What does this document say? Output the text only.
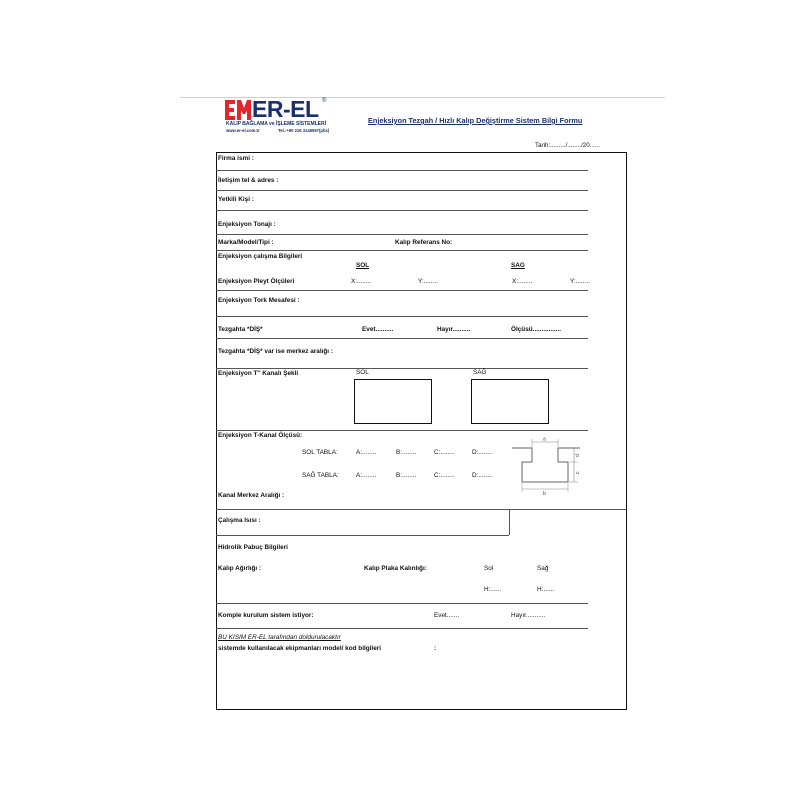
ER-EL ®
KALIP BAĞLAMA ve İŞLEME SİSTEMLERİ
www.er-el.com.tr	Tel.:+90 216 3146597(pbx)
Enjeksiyon Tezgah / Hızlı Kalıp Değiştirme Sistem Bilgi Formu
Tarih:........./......../20......
Firma ismi :
İletişim tel & adres :
Yetkili Kişi :
Enjeksiyon Tonajı :
Marka/Model/Tipi :	Kalıp Referans No:
Enjeksiyon çalışma Bilgileri
SOL	SAG
Enjeksiyon Pleyt Ölçüleri	X:........	Y:........	X:........	Y:........
Enjeksiyon Tork Mesafesi :
Tezgahta *DİŞ*	Evet..........	Hayır..........	Ölçüsü................
Tezgahta *DİŞ* var ise merkez aralığı :
Enjeksiyon T'' Kanalı Şekli	SOL	SAĞ
Enjeksiyon T-Kanal Ölçüsü:
SOL TABLA:	A:........	B:........	C:........	D:........
SAĞ TABLA:	A:........	B:........	C:........	D:........
a
b
d
c
Kanal Merkez Aralığı :
Çalışma Isısı :
Hidrolik Pabuç Bilgileri
Kalıp Ağırlığı :	Kalıp Plaka Kalınlığı:	Sol	Sağ
H:......	H:......
Komple kurulum sistem istiyor:	Evet.......	Hayır...........
BU KISIM ER-EL tarafından doldurulacaktır
sistemde kullanılacak ekipmanları model/ kod bilgileri	:
